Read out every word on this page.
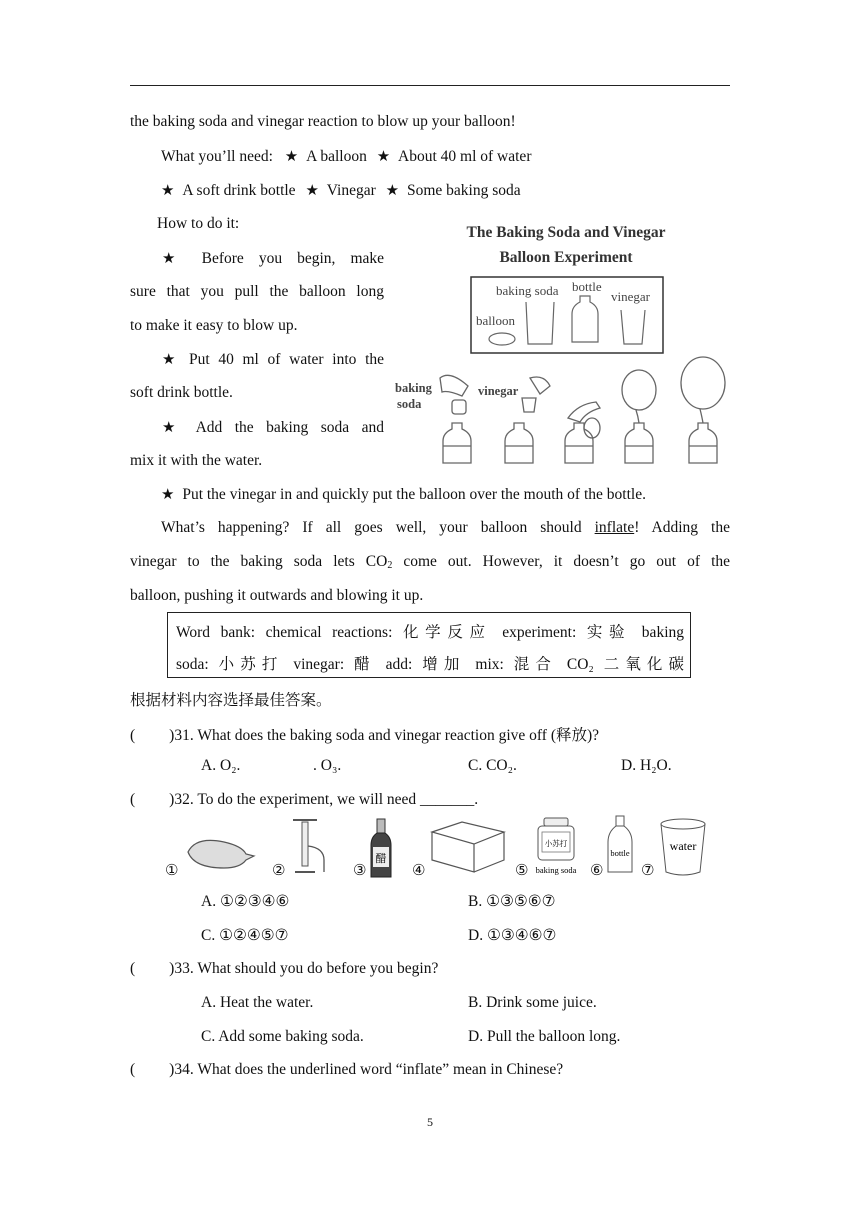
the baking soda and vinegar reaction to blow up your balloon!
What you’ll need: ★ A balloon ★ About 40 ml of water
★ A soft drink bottle ★ Vinegar ★ Some baking soda
How to do it:
★ Before you begin, make
sure that you pull the balloon long
to make it easy to blow up.
★ Put 40 ml of water into the
soft drink bottle.
★ Add the baking soda and
mix it with the water.
★ Put the vinegar in and quickly put the balloon over the mouth of the bottle.
What’s happening? If all goes well, your balloon should inflate! Adding the
vinegar to the baking soda lets $CO_2$ come out. However, it doesn’t go out of the
balloon, pushing it outwards and blowing it up.
The Baking Soda and Vinegar
Balloon Experiment
baking soda bottle
vinegar
balloon
baking
soda
vinegar
Word bank: chemical reactions: 化学反应 experiment: 实验 baking
soda: 小苏打 vinegar: 醋 add: 增加 mix: 混合 CO₂ 二氧化碳
根据材料内容选择最佳答案。
( )31. What does the baking soda and vinegar reaction give off (释放)?
A. O₂.	. O₃.	C. CO₂.	D. H₂O.
( )32. To do the experiment, we will need _______.
①	②	③	④	⑤	⑥	⑦
醋
小苏打
baking soda
bottle	water
A. ①②③④⑥	B. ①③⑤⑥⑦
C. ①②④⑤⑦	D. ①③④⑥⑦
( )33. What should you do before you begin?
A. Heat the water.	B. Drink some juice.
C. Add some baking soda.	D. Pull the balloon long.
( )34. What does the underlined word “inflate” mean in Chinese?
5
